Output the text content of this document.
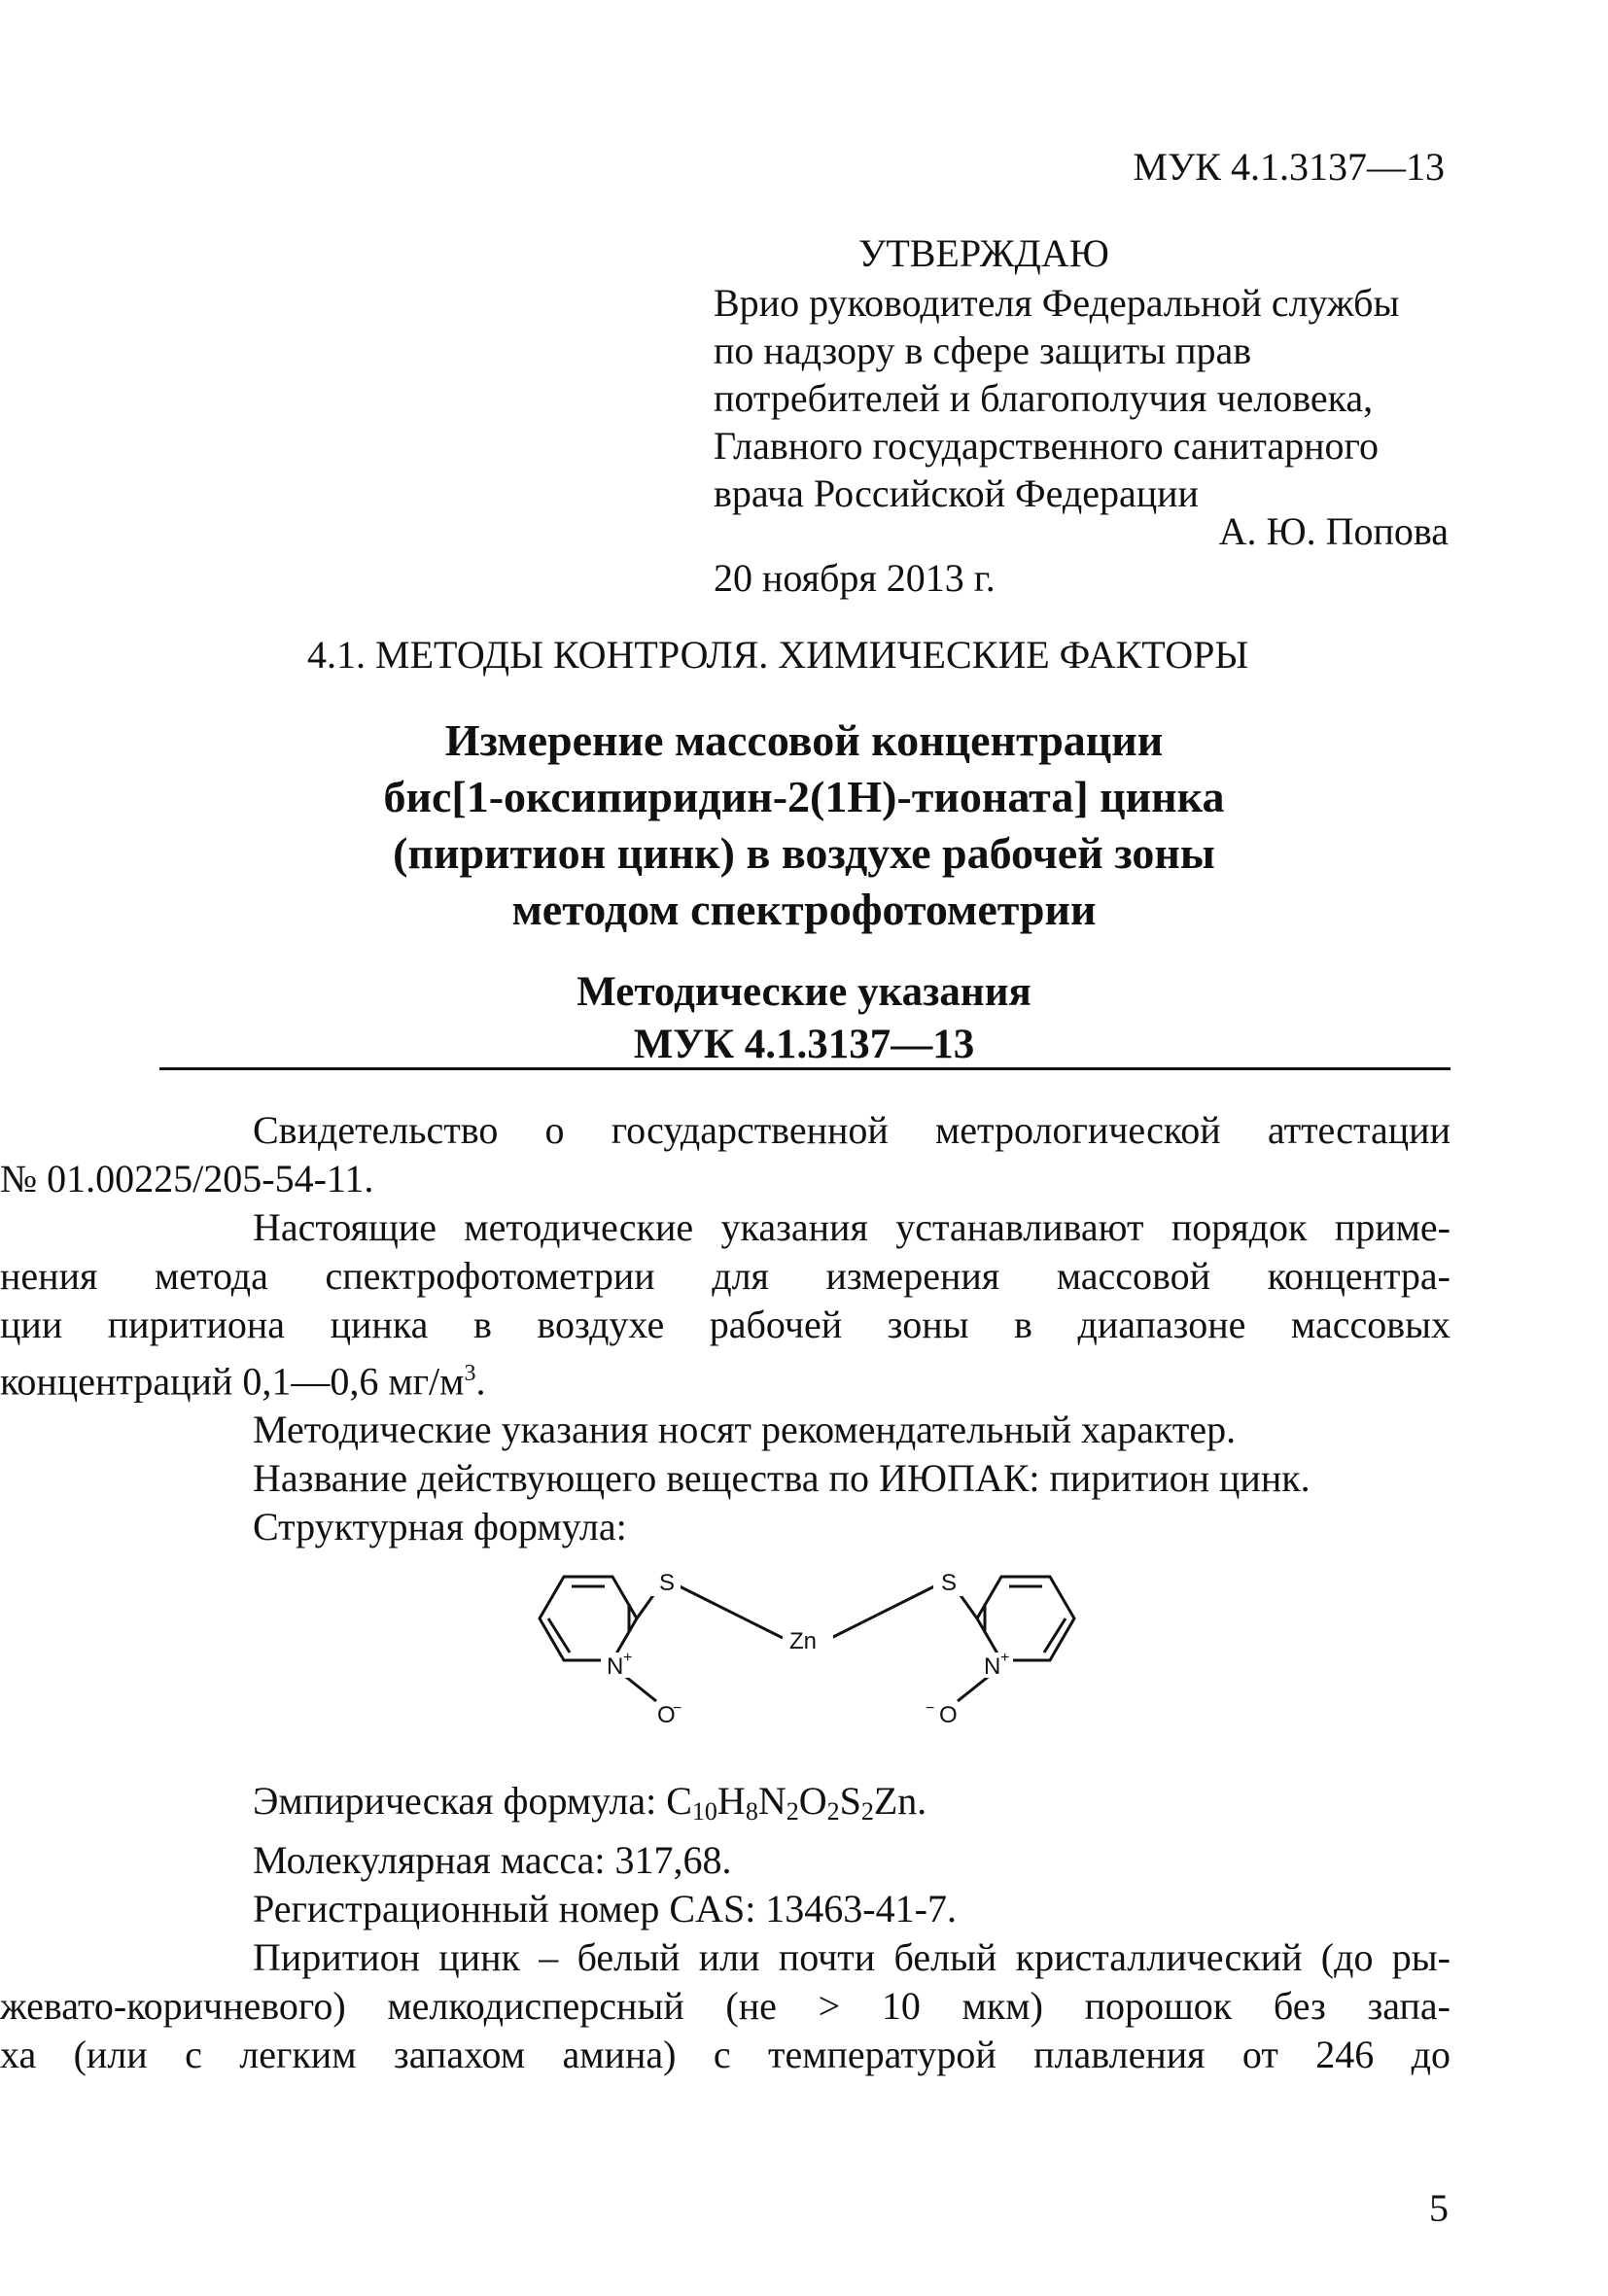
МУК 4.1.3137—13
УТВЕРЖДАЮ
Врио руководителя Федеральной службы
по надзору в сфере защиты прав
потребителей и благополучия человека,
Главного государственного санитарного
врача Российской Федерации
А. Ю. Попова
20 ноября 2013 г.
4.1. МЕТОДЫ КОНТРОЛЯ. ХИМИЧЕСКИЕ ФАКТОРЫ
Измерение массовой концентрации
бис[1-оксипиридин-2(1H)-тионата] цинка
(пиритион цинк) в воздухе рабочей зоны
методом спектрофотометрии
Методические указания
МУК 4.1.3137—13
Свидетельство о государственной метрологической аттестации
№ 01.00225/205-54-11.
Настоящие методические указания устанавливают порядок приме-
нения метода спектрофотометрии для измерения массовой концентра-
ции пиритиона цинка в воздухе рабочей зоны в диапазоне массовых
концентраций 0,1—0,6 $мг/м^3$.
Методические указания носят рекомендательный характер.
Название действующего вещества по ИЮПАК: пиритион цинк.
Структурная формула:
S	S
Zn
N +	N +
O
−	O
−
Эмпирическая формула: $C_{10}H_8N_2O_2S_2Zn$.
Молекулярная масса: 317,68.
Регистрационный номер CAS: 13463-41-7.
Пиритион цинк – белый или почти белый кристаллический (до ры-
жевато-коричневого) мелкодисперсный (не > 10 мкм) порошок без запа-
ха (или с легким запахом амина) с температурой плавления от 246 до
5
